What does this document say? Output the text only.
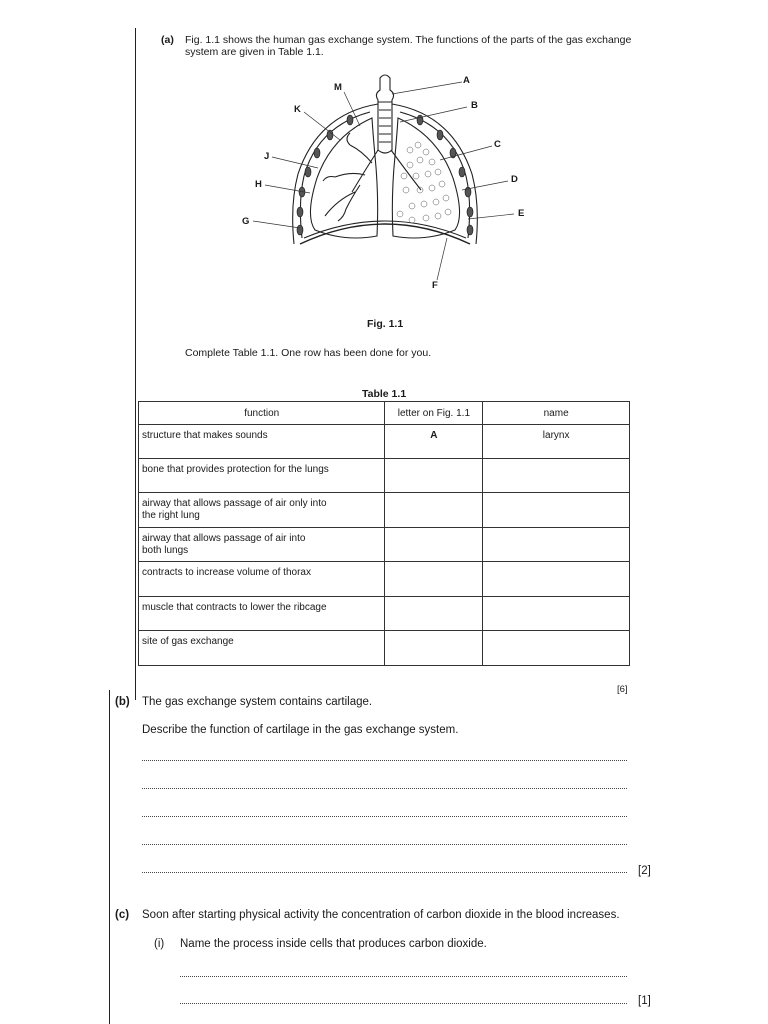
(a) Fig. 1.1 shows the human gas exchange system. The functions of the parts of the gas exchange
system are given in Table 1.1.
A
B
C
D
E
F
G
H
J
K
M
Fig. 1.1
Complete Table 1.1. One row has been done for you.
Table 1.1
function	letter on Fig. 1.1	name

structure that makes sounds	A	larynx

bone that provides protection for the lungs		

airway that allows passage of air only into
the right lung		

airway that allows passage of air into
both lungs		

contracts to increase volume of thorax		

muscle that contracts to lower the ribcage		

site of gas exchange		

[6]
(b) The gas exchange system contains cartilage.
Describe the function of cartilage in the gas exchange system.
[2]
(c) Soon after starting physical activity the concentration of carbon dioxide in the blood increases.
(i) Name the process inside cells that produces carbon dioxide.
[1]
